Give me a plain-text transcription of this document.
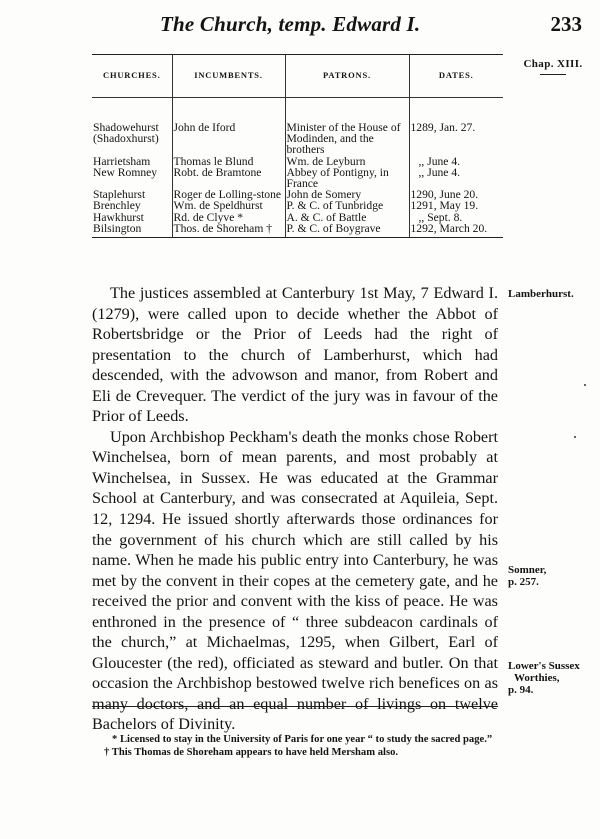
The Church, temp. Edward I.	233
Chap. XIII.
CHURCHES.	INCUMBENTS.	PATRONS.	DATES.

Shadowehurst (Shadoxhurst)	John de Iford	Minister of the House of Modinden, and the brothers	1289, Jan. 27.
Harrietsham	Thomas le Blund	Wm. de Leyburn	,, June 4.

New Romney	Robt. de Bramtone	Abbey of Pontigny, in France	,, June 4.

Staplehurst	Roger de Lolling-stone	John de Somery	1290, June 20.
Brenchley	Wm. de Speldhurst	P. & C. of Tunbridge	1291, May 19.
Hawkhurst	Rd. de Clyve *	A. & C. of Battle	,, Sept. 8.

Bilsington	Thos. de Shoreham †	P. & C. of Boygrave	1292, March 20.

The justices assembled at Canterbury 1st May, 7 Edward I. (1279), were called upon to decide whether the Abbot of Robertsbridge or the Prior of Leeds had the right of presentation to the church of Lamberhurst, which had descended, with the advowson and manor, from Robert and Eli de Crevequer. The verdict of the jury was in favour of the Prior of Leeds.

Upon Archbishop Peckham's death the monks chose Robert Winchelsea, born of mean parents, and most probably at Winchelsea, in Sussex. He was educated at the Grammar School at Canterbury, and was consecrated at Aquileia, Sept. 12, 1294. He issued shortly afterwards those ordinances for the government of his church which are still called by his name. When he made his public entry into Canterbury, he was met by the convent in their copes at the cemetery gate, and he received the prior and convent with the kiss of peace. He was enthroned in the presence of “ three subdeacon cardinals of the church,” at Michaelmas, 1295, when Gilbert, Earl of Gloucester (the red), officiated as steward and butler. On that occasion the Archbishop bestowed twelve rich benefices on as many doctors, and an equal number of livings on twelve Bachelors of Divinity.

Lamberhurst.
Somner,
p. 257.
Lower's Sussex
Worthies,
p. 94.

* Licensed to stay in the University of Paris for one year “ to study the sacred page.”

† This Thomas de Shoreham appears to have held Mersham also.
